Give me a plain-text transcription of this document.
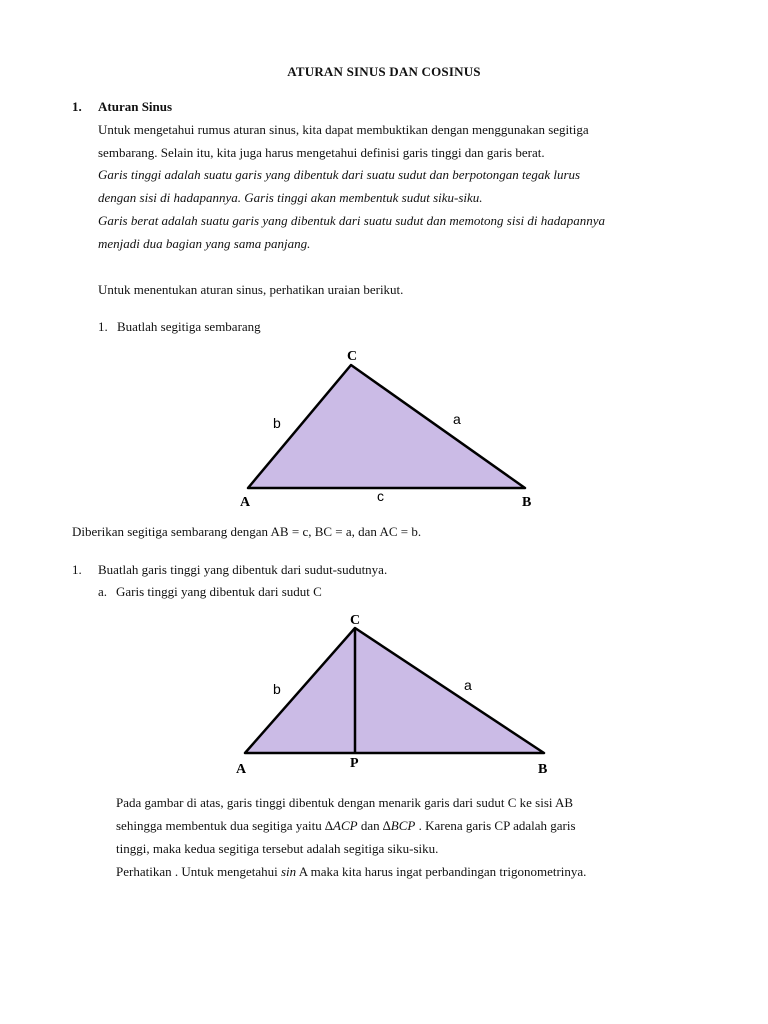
ATURAN SINUS DAN COSINUS
1. Aturan Sinus
Untuk mengetahui rumus aturan sinus, kita dapat membuktikan dengan menggunakan segitiga
sembarang. Selain itu, kita juga harus mengetahui definisi garis tinggi dan garis berat.
Garis tinggi adalah suatu garis yang dibentuk dari suatu sudut dan berpotongan tegak lurus
dengan sisi di hadapannya. Garis tinggi akan membentuk sudut siku-siku.
Garis berat adalah suatu garis yang dibentuk dari suatu sudut dan memotong sisi di hadapannya
menjadi dua bagian yang sama panjang.
Untuk menentukan aturan sinus, perhatikan uraian berikut.
1. Buatlah segitiga sembarang
C
A	B
b	a
c
Diberikan segitiga sembarang dengan AB = c, BC = a, dan AC = b.
1. Buatlah garis tinggi yang dibentuk dari sudut-sudutnya.
a. Garis tinggi yang dibentuk dari sudut C
C
A	P	B
b	a
Pada gambar di atas, garis tinggi dibentuk dengan menarik garis dari sudut C ke sisi AB
sehingga membentuk dua segitiga yaitu ∆ACP dan ∆BCP . Karena garis CP adalah garis
tinggi, maka kedua segitiga tersebut adalah segitiga siku-siku.
Perhatikan . Untuk mengetahui sin A maka kita harus ingat perbandingan trigonometrinya.
